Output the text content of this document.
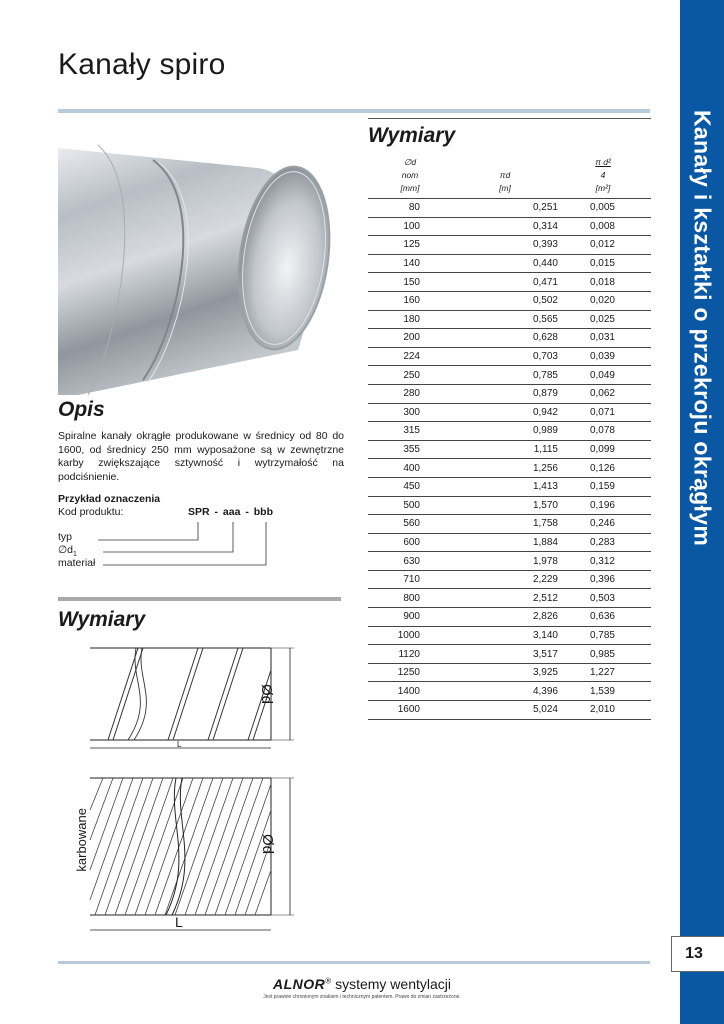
Kanały spiro
Kanały i kształtki o przekroju okrągłym
13
Opis
Spiralne kanały okrągłe produkowane w średnicy od 80 do 1600, od średnicy 250 mm wyposażone są w zewnętrzne karby zwiększające sztywność i wytrzymałość na podciśnienie.
Przykład oznaczenia
Kod produktu:	SPR - aaa - bbb
typ
$\emptyset d_1$
materiał
Wymiary
Ød
L
karbowane	Ød
L
Wymiary
∅d
nom
[mm]

πd
[m]
π d²
4
[m²]
80	0,251	0,005
100	0,314	0,008
125	0,393	0,012
140	0,440	0,015
150	0,471	0,018
160	0,502	0,020
180	0,565	0,025
200	0,628	0,031
224	0,703	0,039
250	0,785	0,049
280	0,879	0,062
300	0,942	0,071
315	0,989	0,078
355	1,115	0,099
400	1,256	0,126
450	1,413	0,159
500	1,570	0,196
560	1,758	0,246
600	1,884	0,283
630	1,978	0,312
710	2,229	0,396
800	2,512	0,503
900	2,826	0,636
1000	3,140	0,785
1120	3,517	0,985
1250	3,925	1,227
1400	4,396	1,539
1600	5,024	2,010
ALNOR® systemy wentylacji
Jest prawnie chronionym znakiem i technicznym patentem. Prawo do zmian zastrzeżone.
